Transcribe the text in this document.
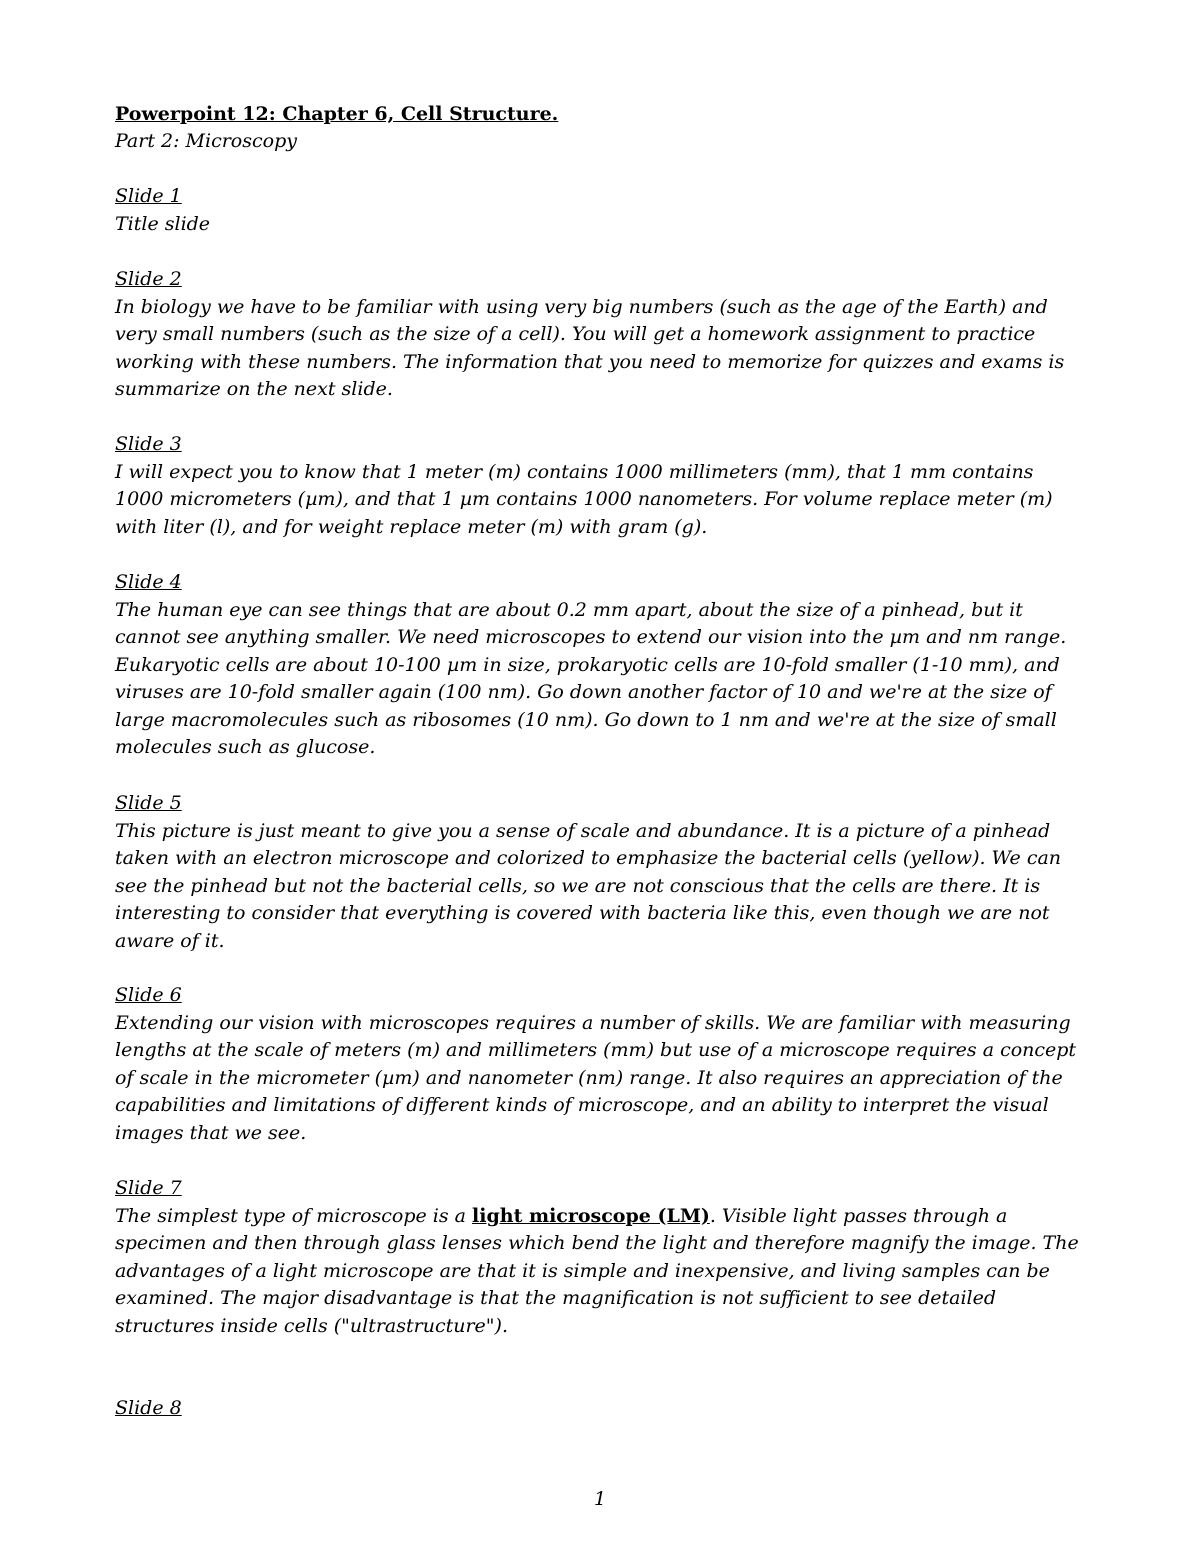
Powerpoint 12: Chapter 6, Cell Structure.
Part 2: Microscopy
Slide 1
Title slide
Slide 2
In biology we have to be familiar with using very big numbers (such as the age of the Earth) and
very small numbers (such as the size of a cell). You will get a homework assignment to practice
working with these numbers. The information that you need to memorize for quizzes and exams is
summarize on the next slide.
Slide 3
I will expect you to know that 1 meter (m) contains 1000 millimeters (mm), that 1 mm contains
1000 micrometers (µm), and that 1 µm contains 1000 nanometers. For volume replace meter (m)
with liter (l), and for weight replace meter (m) with gram (g).
Slide 4
The human eye can see things that are about 0.2 mm apart, about the size of a pinhead, but it
cannot see anything smaller. We need microscopes to extend our vision into the µm and nm range.
Eukaryotic cells are about 10-100 µm in size, prokaryotic cells are 10-fold smaller (1-10 mm), and
viruses are 10-fold smaller again (100 nm). Go down another factor of 10 and we're at the size of
large macromolecules such as ribosomes (10 nm). Go down to 1 nm and we're at the size of small
molecules such as glucose.
Slide 5
This picture is just meant to give you a sense of scale and abundance. It is a picture of a pinhead
taken with an electron microscope and colorized to emphasize the bacterial cells (yellow). We can
see the pinhead but not the bacterial cells, so we are not conscious that the cells are there. It is
interesting to consider that everything is covered with bacteria like this, even though we are not
aware of it.
Slide 6
Extending our vision with microscopes requires a number of skills. We are familiar with measuring
lengths at the scale of meters (m) and millimeters (mm) but use of a microscope requires a concept
of scale in the micrometer (µm) and nanometer (nm) range. It also requires an appreciation of the
capabilities and limitations of different kinds of microscope, and an ability to interpret the visual
images that we see.
Slide 7
The simplest type of microscope is a light microscope (LM). Visible light passes through a
specimen and then through glass lenses which bend the light and therefore magnify the image. The
advantages of a light microscope are that it is simple and inexpensive, and living samples can be
examined. The major disadvantage is that the magnification is not sufficient to see detailed
structures inside cells ("ultrastructure").
Slide 8
1
